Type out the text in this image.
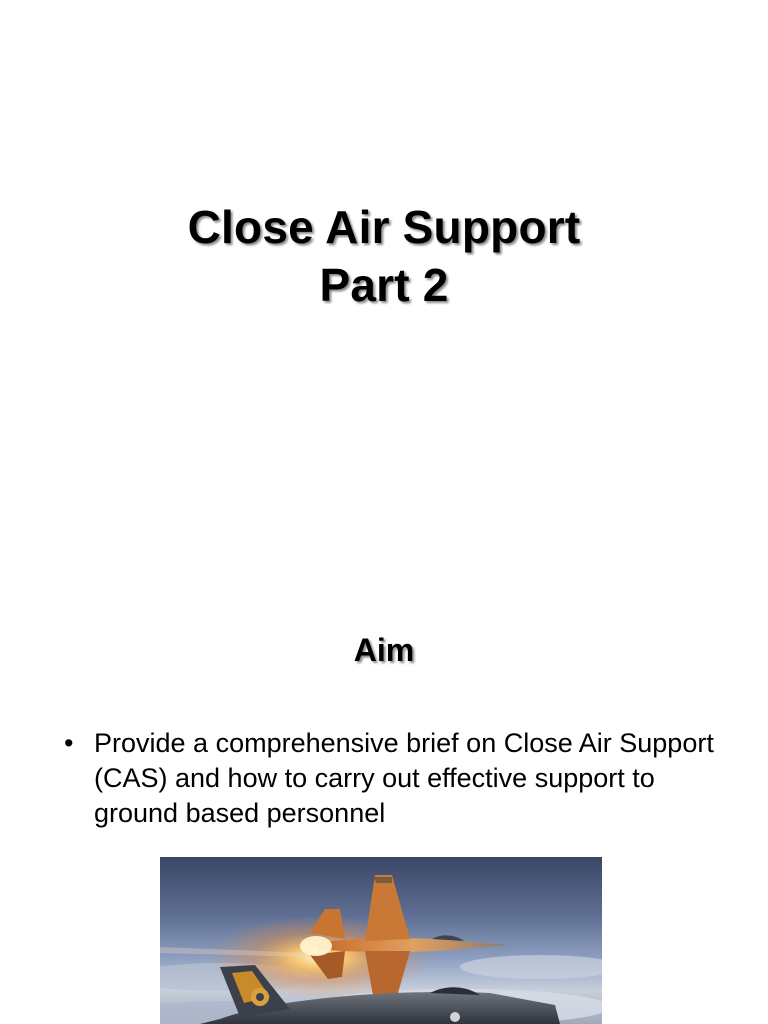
Close Air Support
Part 2
Aim
• Provide a comprehensive brief on Close Air Support (CAS) and how to carry out effective support to ground based personnel
